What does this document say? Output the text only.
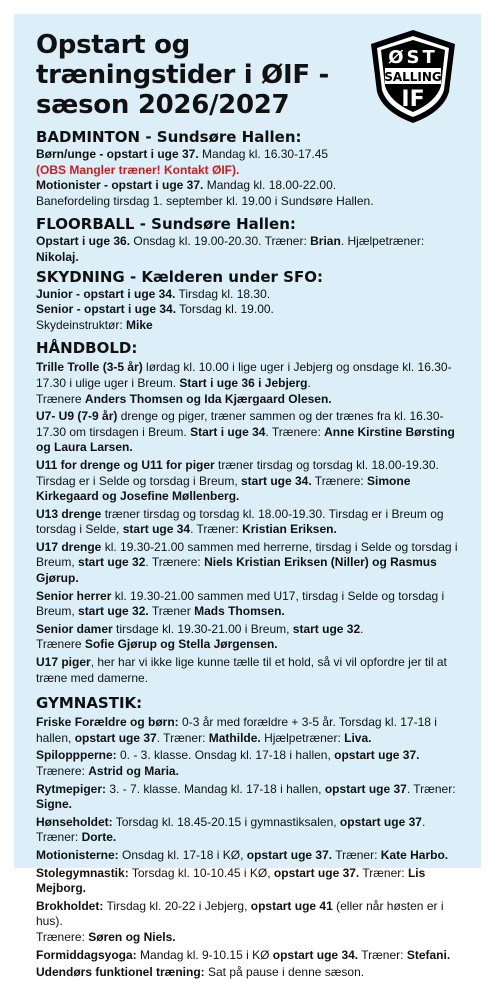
Opstart og træningstider i ØIF - sæson 2026/2027
ØST
SALLING
IF
BADMINTON - Sundsøre Hallen:

Børn/unge - opstart i uge 37. Mandag kl. 16.30-17.45

(OBS Mangler træner! Kontakt ØIF).

Motionister - opstart i uge 37. Mandag kl. 18.00-22.00.

Banefordeling tirsdag 1. september kl. 19.00 i Sundsøre Hallen.

FLOORBALL - Sundsøre Hallen:

Opstart i uge 36. Onsdag kl. 19.00-20.30. Træner: Brian. Hjælpetræner: Nikolaj.

SKYDNING - Kælderen under SFO:

Junior - opstart i uge 34. Tirsdag kl. 18.30.

Senior - opstart i uge 34. Torsdag kl. 19.00.

Skydeinstruktør: Mike

HÅNDBOLD:

Trille Trolle (3-5 år) lørdag kl. 10.00 i lige uger i Jebjerg og onsdage kl. 16.30-17.30 i ulige uger i Breum. Start i uge 36 i Jebjerg.
Trænere Anders Thomsen og Ida Kjærgaard Olesen.

U7- U9 (7-9 år) drenge og piger, træner sammen og der trænes fra kl. 16.30-17.30 om tirsdagen i Breum. Start i uge 34. Trænere: Anne Kirstine Børsting og Laura Larsen.

U11 for drenge og U11 for piger træner tirsdag og torsdag kl. 18.00-19.30. Tirsdag er i Selde og torsdag i Breum, start uge 34. Trænere: Simone Kirkegaard og Josefine Møllenberg.

U13 drenge træner tirsdag og torsdag kl. 18.00-19.30. Tirsdag er i Breum og torsdag i Selde, start uge 34. Træner: Kristian Eriksen.

U17 drenge kl. 19.30-21.00 sammen med herrerne, tirsdag i Selde og torsdag i Breum, start uge 32. Trænere: Niels Kristian Eriksen (Niller) og Rasmus Gjørup.

Senior herrer kl. 19.30-21.00 sammen med U17, tirsdag i Selde og torsdag i Breum, start uge 32. Træner Mads Thomsen.

Senior damer tirsdage kl. 19.30-21.00 i Breum, start uge 32.
Trænere Sofie Gjørup og Stella Jørgensen.

U17 piger, her har vi ikke lige kunne tælle til et hold, så vi vil opfordre jer til at træne med damerne.

GYMNASTIK:

Friske Forældre og børn: 0-3 år med forældre + 3-5 år. Torsdag kl. 17-18 i hallen, opstart uge 37. Træner: Mathilde. Hjælpetræner: Liva.

Spiloppperne: 0. - 3. klasse. Onsdag kl. 17-18 i hallen, opstart uge 37.
Trænere: Astrid og Maria.

Rytmepiger: 3. - 7. klasse. Mandag kl. 17-18 i hallen, opstart uge 37. Træner: Signe.

Hønseholdet: Torsdag kl. 18.45-20.15 i gymnastiksalen, opstart uge 37.
Træner: Dorte.

Motionisterne: Onsdag kl. 17-18 i KØ, opstart uge 37. Træner: Kate Harbo.

Stolegymnastik: Torsdag kl. 10-10.45 i KØ, opstart uge 37. Træner: Lis Mejborg.

Brokholdet: Tirsdag kl. 20-22 i Jebjerg, opstart uge 41 (eller når høsten er i hus).
Trænere: Søren og Niels.

Formiddagsyoga: Mandag kl. 9-10.15 i KØ opstart uge 34. Træner: Stefani.

Udendørs funktionel træning: Sat på pause i denne sæson.
